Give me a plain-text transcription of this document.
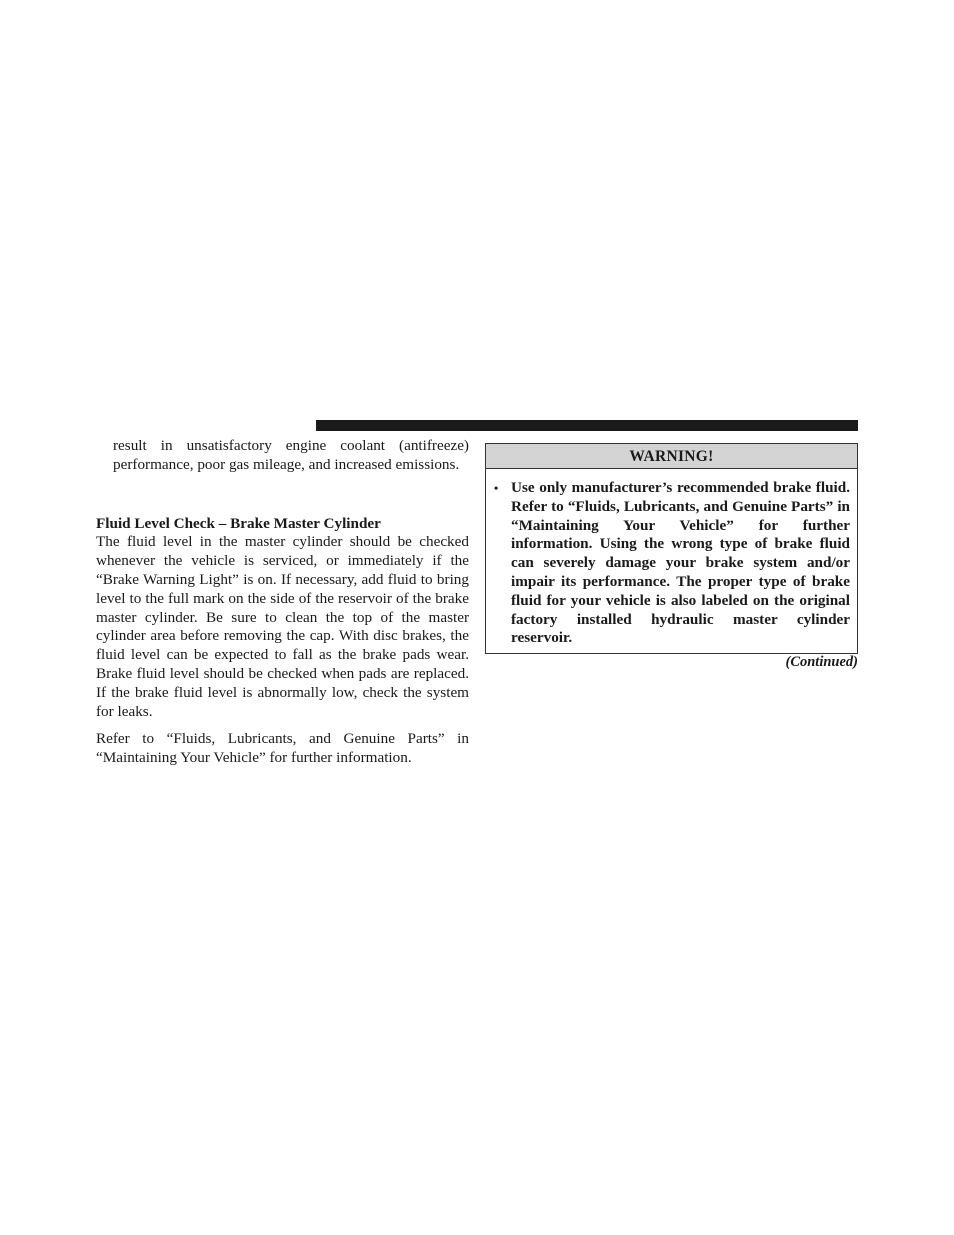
result in unsatisfactory engine coolant (antifreeze) performance, poor gas mileage, and increased emissions.

Fluid Level Check – Brake Master Cylinder

The fluid level in the master cylinder should be checked whenever the vehicle is serviced, or immediately if the “Brake Warning Light” is on. If necessary, add fluid to bring level to the full mark on the side of the reservoir of the brake master cylinder. Be sure to clean the top of the master cylinder area before removing the cap. With disc brakes, the fluid level can be expected to fall as the brake pads wear. Brake fluid level should be checked when pads are replaced. If the brake fluid level is abnormally low, check the system for leaks.

Refer to “Fluids, Lubricants, and Genuine Parts” in “Maintaining Your Vehicle” for further information.

WARNING!
• Use only manufacturer’s recommended brake fluid. Refer to “Fluids, Lubricants, and Genuine Parts” in “Maintaining Your Vehicle” for further information. Using the wrong type of brake fluid can severely damage your brake system and/or impair its performance. The proper type of brake fluid for your vehicle is also labeled on the original factory installed hydraulic master cylinder reservoir.
(Continued)
